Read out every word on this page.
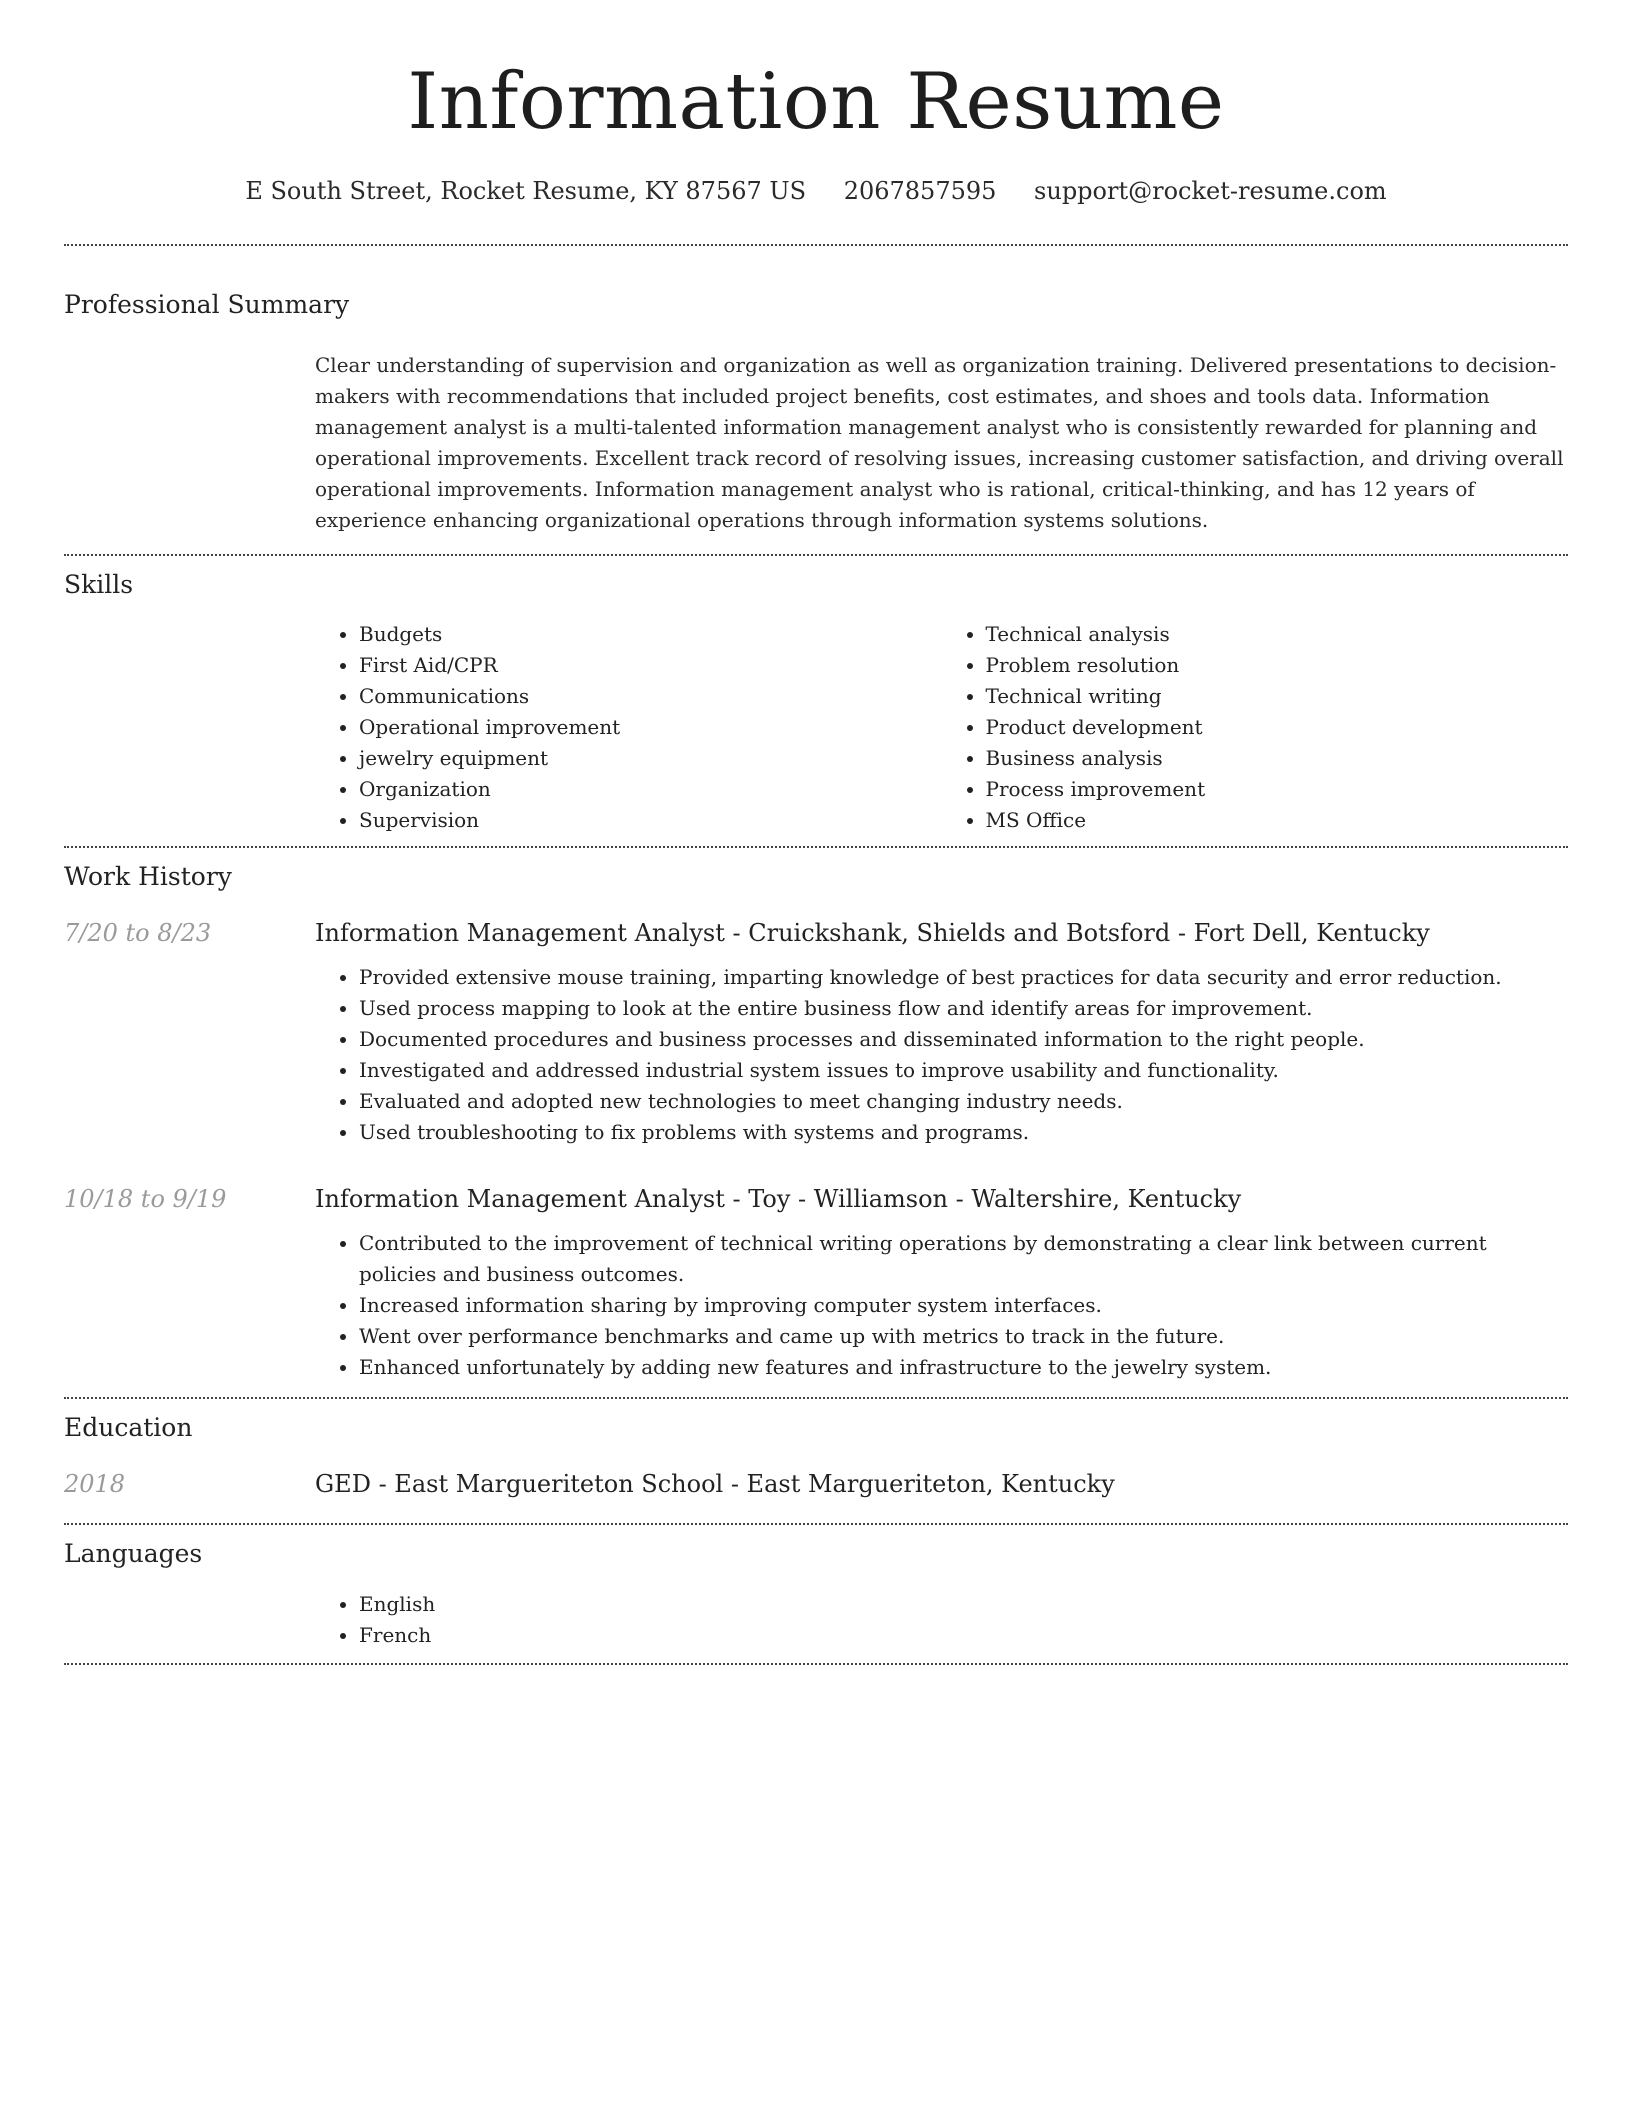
Information Resume
E South Street, Rocket Resume, KY 87567 US 2067857595 support@rocket-resume.com
Professional Summary
Clear understanding of supervision and organization as well as organization training. Delivered presentations to decision-makers with recommendations that included project benefits, cost estimates, and shoes and tools data. Information management analyst is a multi-talented information management analyst who is consistently rewarded for planning and operational improvements. Excellent track record of resolving issues, increasing customer satisfaction, and driving overall operational improvements. Information management analyst who is rational, critical-thinking, and has 12 years of experience enhancing organizational operations through information systems solutions.
Skills
• Budgets
• First Aid/CPR
• Communications
• Operational improvement
• jewelry equipment
• Organization
• Supervision
• Technical analysis
• Problem resolution
• Technical writing
• Product development
• Business analysis
• Process improvement
• MS Office
Work History
7/20 to 8/23	Information Management Analyst - Cruickshank, Shields and Botsford - Fort Dell, Kentucky
• Provided extensive mouse training, imparting knowledge of best practices for data security and error reduction.
• Used process mapping to look at the entire business flow and identify areas for improvement.
• Documented procedures and business processes and disseminated information to the right people.
• Investigated and addressed industrial system issues to improve usability and functionality.
• Evaluated and adopted new technologies to meet changing industry needs.
• Used troubleshooting to fix problems with systems and programs.
10/18 to 9/19	Information Management Analyst - Toy - Williamson - Waltershire, Kentucky
• Contributed to the improvement of technical writing operations by demonstrating a clear link between current policies and business outcomes.
• Increased information sharing by improving computer system interfaces.
• Went over performance benchmarks and came up with metrics to track in the future.
• Enhanced unfortunately by adding new features and infrastructure to the jewelry system.
Education
2018	GED - East Margueriteton School - East Margueriteton, Kentucky
Languages
• English
• French
